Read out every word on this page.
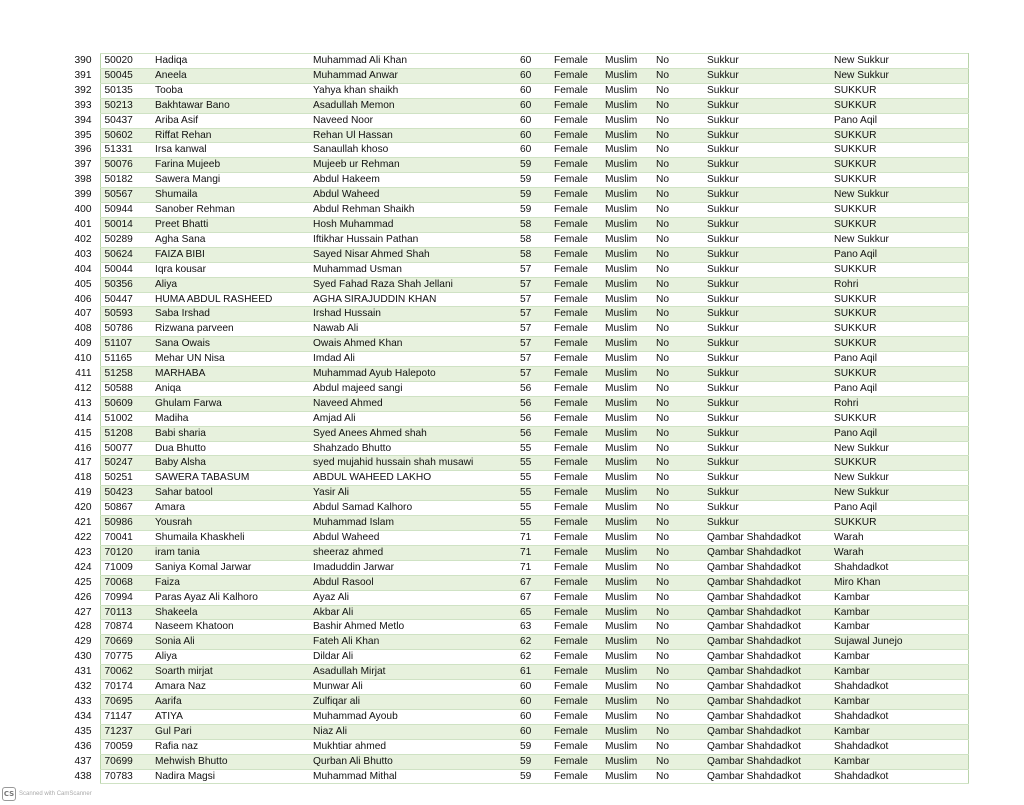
390	50020	Hadiqa	Muhammad Ali Khan	60	Female	Muslim	No	Sukkur	New Sukkur
391	50045	Aneela	Muhammad Anwar	60	Female	Muslim	No	Sukkur	New Sukkur
392	50135	Tooba	Yahya khan shaikh	60	Female	Muslim	No	Sukkur	SUKKUR
393	50213	Bakhtawar Bano	Asadullah Memon	60	Female	Muslim	No	Sukkur	SUKKUR
394	50437	Ariba Asif	Naveed Noor	60	Female	Muslim	No	Sukkur	Pano Aqil
395	50602	Riffat Rehan	Rehan Ul Hassan	60	Female	Muslim	No	Sukkur	SUKKUR
396	51331	Irsa kanwal	Sanaullah khoso	60	Female	Muslim	No	Sukkur	SUKKUR
397	50076	Farina Mujeeb	Mujeeb ur Rehman	59	Female	Muslim	No	Sukkur	SUKKUR
398	50182	Sawera Mangi	Abdul Hakeem	59	Female	Muslim	No	Sukkur	SUKKUR
399	50567	Shumaila	Abdul Waheed	59	Female	Muslim	No	Sukkur	New Sukkur
400	50944	Sanober Rehman	Abdul Rehman Shaikh	59	Female	Muslim	No	Sukkur	SUKKUR
401	50014	Preet Bhatti	Hosh Muhammad	58	Female	Muslim	No	Sukkur	SUKKUR
402	50289	Agha Sana	Iftikhar Hussain Pathan	58	Female	Muslim	No	Sukkur	New Sukkur
403	50624	FAIZA BIBI	Sayed Nisar Ahmed Shah	58	Female	Muslim	No	Sukkur	Pano Aqil
404	50044	Iqra kousar	Muhammad Usman	57	Female	Muslim	No	Sukkur	SUKKUR
405	50356	Aliya	Syed Fahad Raza Shah Jellani	57	Female	Muslim	No	Sukkur	Rohri
406	50447	HUMA ABDUL RASHEED	AGHA SIRAJUDDIN KHAN	57	Female	Muslim	No	Sukkur	SUKKUR
407	50593	Saba Irshad	Irshad Hussain	57	Female	Muslim	No	Sukkur	SUKKUR
408	50786	Rizwana parveen	Nawab Ali	57	Female	Muslim	No	Sukkur	SUKKUR
409	51107	Sana Owais	Owais Ahmed Khan	57	Female	Muslim	No	Sukkur	SUKKUR
410	51165	Mehar UN Nisa	Imdad Ali	57	Female	Muslim	No	Sukkur	Pano Aqil
411	51258	MARHABA	Muhammad Ayub Halepoto	57	Female	Muslim	No	Sukkur	SUKKUR
412	50588	Aniqa	Abdul majeed sangi	56	Female	Muslim	No	Sukkur	Pano Aqil
413	50609	Ghulam Farwa	Naveed Ahmed	56	Female	Muslim	No	Sukkur	Rohri
414	51002	Madiha	Amjad Ali	56	Female	Muslim	No	Sukkur	SUKKUR
415	51208	Babi sharia	Syed Anees Ahmed shah	56	Female	Muslim	No	Sukkur	Pano Aqil
416	50077	Dua Bhutto	Shahzado Bhutto	55	Female	Muslim	No	Sukkur	New Sukkur
417	50247	Baby Alsha	syed mujahid hussain shah musawi	55	Female	Muslim	No	Sukkur	SUKKUR
418	50251	SAWERA TABASUM	ABDUL WAHEED LAKHO	55	Female	Muslim	No	Sukkur	New Sukkur
419	50423	Sahar batool	Yasir Ali	55	Female	Muslim	No	Sukkur	New Sukkur
420	50867	Amara	Abdul Samad Kalhoro	55	Female	Muslim	No	Sukkur	Pano Aqil
421	50986	Yousrah	Muhammad Islam	55	Female	Muslim	No	Sukkur	SUKKUR
422	70041	Shumaila Khaskheli	Abdul Waheed	71	Female	Muslim	No	Qambar Shahdadkot	Warah
423	70120	iram tania	sheeraz ahmed	71	Female	Muslim	No	Qambar Shahdadkot	Warah
424	71009	Saniya Komal Jarwar	Imaduddin Jarwar	71	Female	Muslim	No	Qambar Shahdadkot	Shahdadkot
425	70068	Faiza	Abdul Rasool	67	Female	Muslim	No	Qambar Shahdadkot	Miro Khan
426	70994	Paras Ayaz Ali Kalhoro	Ayaz Ali	67	Female	Muslim	No	Qambar Shahdadkot	Kambar
427	70113	Shakeela	Akbar Ali	65	Female	Muslim	No	Qambar Shahdadkot	Kambar
428	70874	Naseem Khatoon	Bashir Ahmed Metlo	63	Female	Muslim	No	Qambar Shahdadkot	Kambar
429	70669	Sonia Ali	Fateh Ali Khan	62	Female	Muslim	No	Qambar Shahdadkot	Sujawal Junejo
430	70775	Aliya	Dildar Ali	62	Female	Muslim	No	Qambar Shahdadkot	Kambar
431	70062	Soarth mirjat	Asadullah Mirjat	61	Female	Muslim	No	Qambar Shahdadkot	Kambar
432	70174	Amara Naz	Munwar Ali	60	Female	Muslim	No	Qambar Shahdadkot	Shahdadkot
433	70695	Aarifa	Zulfiqar ali	60	Female	Muslim	No	Qambar Shahdadkot	Kambar
434	71147	ATIYA	Muhammad Ayoub	60	Female	Muslim	No	Qambar Shahdadkot	Shahdadkot
435	71237	Gul Pari	Niaz Ali	60	Female	Muslim	No	Qambar Shahdadkot	Kambar
436	70059	Rafia naz	Mukhtiar ahmed	59	Female	Muslim	No	Qambar Shahdadkot	Shahdadkot
437	70699	Mehwish Bhutto	Qurban Ali Bhutto	59	Female	Muslim	No	Qambar Shahdadkot	Kambar
438	70783	Nadira Magsi	Muhammad Mithal	59	Female	Muslim	No	Qambar Shahdadkot	Shahdadkot
CS Scanned with CamScanner
